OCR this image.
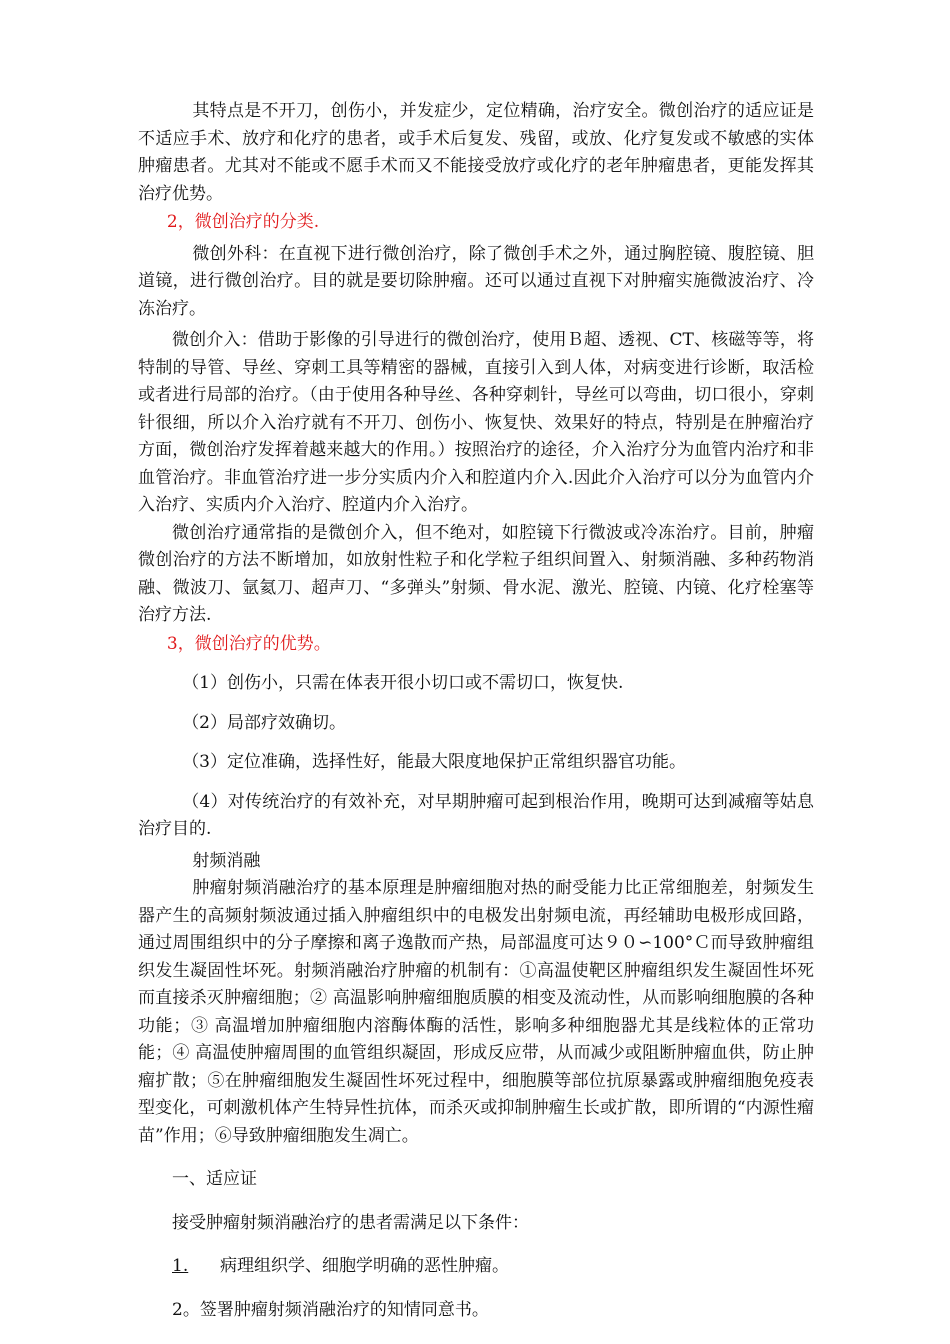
其特点是不开刀，创伤小，并发症少，定位精确，治疗安全。微创治疗的适应证是不适应手术、放疗和化疗的患者，或手术后复发、残留，或放、化疗复发或不敏感的实体肿瘤患者。尤其对不能或不愿手术而又不能接受放疗或化疗的老年肿瘤患者，更能发挥其治疗优势。

2，微创治疗的分类.

微创外科：在直视下进行微创治疗，除了微创手术之外，通过胸腔镜、腹腔镜、胆道镜，进行微创治疗。目的就是要切除肿瘤。还可以通过直视下对肿瘤实施微波治疗、冷冻治疗。

微创介入：借助于影像的引导进行的微创治疗，使用Ｂ超、透视、CT、核磁等等，将特制的导管、导丝、穿刺工具等精密的器械，直接引入到人体，对病变进行诊断，取活检或者进行局部的治疗。（由于使用各种导丝、各种穿刺针，导丝可以弯曲，切口很小，穿刺针很细，所以介入治疗就有不开刀、创伤小、恢复快、效果好的特点，特别是在肿瘤治疗方面，微创治疗发挥着越来越大的作用。）按照治疗的途径，介入治疗分为血管内治疗和非血管治疗。非血管治疗进一步分实质内介入和腔道内介入.因此介入治疗可以分为血管内介入治疗、实质内介入治疗、腔道内介入治疗。

微创治疗通常指的是微创介入，但不绝对，如腔镜下行微波或冷冻治疗。目前，肿瘤微创治疗的方法不断增加，如放射性粒子和化学粒子组织间置入、射频消融、多种药物消融、微波刀、氩氦刀、超声刀、“多弹头”射频、骨水泥、激光、腔镜、内镜、化疗栓塞等治疗方法.

3，微创治疗的优势。

（1）创伤小，只需在体表开很小切口或不需切口，恢复快.

（2）局部疗效确切。

（3）定位准确，选择性好，能最大限度地保护正常组织器官功能。

（4）对传统治疗的有效补充，对早期肿瘤可起到根治作用，晚期可达到减瘤等姑息治疗目的.

射频消融

肿瘤射频消融治疗的基本原理是肿瘤细胞对热的耐受能力比正常细胞差，射频发生器产生的高频射频波通过插入肿瘤组织中的电极发出射频电流，再经辅助电极形成回路，通过周围组织中的分子摩擦和离子逸散而产热，局部温度可达９０∽100°Ｃ而导致肿瘤组织发生凝固性坏死。射频消融治疗肿瘤的机制有：①高温使靶区肿瘤组织发生凝固性坏死而直接杀灭肿瘤细胞；② 高温影响肿瘤细胞质膜的相变及流动性，从而影响细胞膜的各种功能；③ 高温增加肿瘤细胞内溶酶体酶的活性，影响多种细胞器尤其是线粒体的正常功能；④ 高温使肿瘤周围的血管组织凝固，形成反应带，从而减少或阻断肿瘤血供，防止肿瘤扩散；⑤在肿瘤细胞发生凝固性坏死过程中，细胞膜等部位抗原暴露或肿瘤细胞免疫表型变化，可刺激机体产生特异性抗体，而杀灭或抑制肿瘤生长或扩散，即所谓的“内源性瘤苗”作用；⑥导致肿瘤细胞发生凋亡。

一、适应证

接受肿瘤射频消融治疗的患者需满足以下条件：

1. 病理组织学、细胞学明确的恶性肿瘤。

2。签署肿瘤射频消融治疗的知情同意书。
